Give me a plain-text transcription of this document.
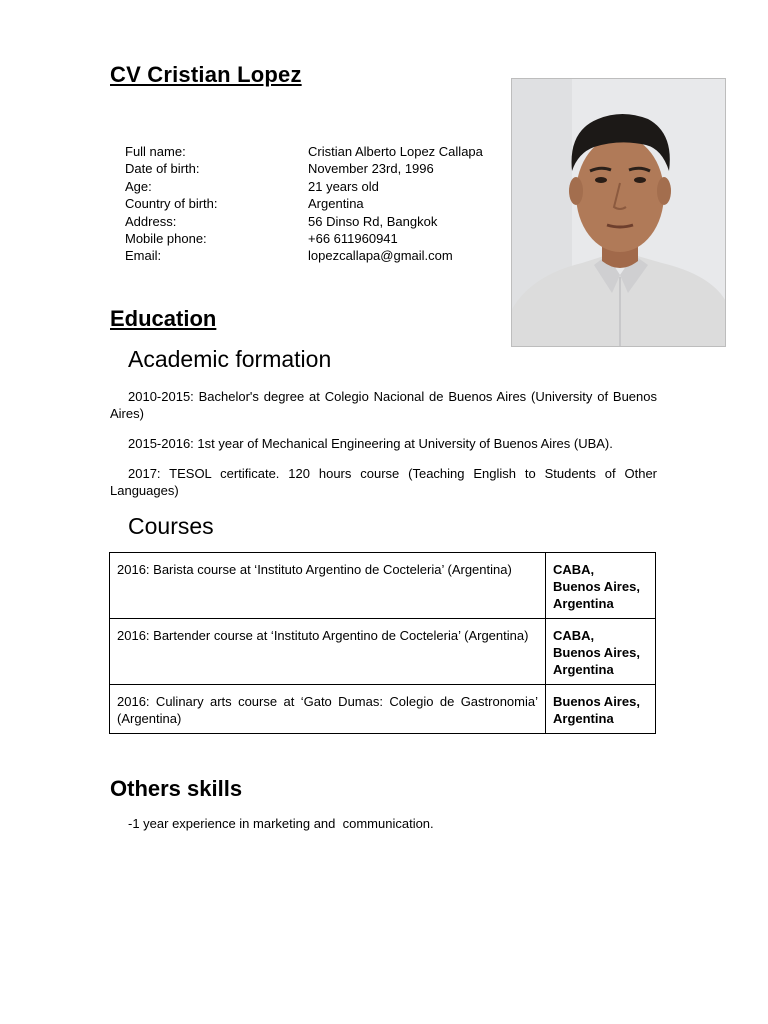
CV Cristian Lopez
Full name:	Cristian Alberto Lopez Callapa
Date of birth:	November 23rd, 1996
Age:	21 years old
Country of birth:	Argentina
Address:	56 Dinso Rd, Bangkok
Mobile phone:	+66 611960941
Email:	lopezcallapa@gmail.com
Education
Academic formation

2010-2015: Bachelor's degree at Colegio Nacional de Buenos Aires (University of Buenos Aires)

2015-2016: 1st year of Mechanical Engineering at University of Buenos Aires (UBA).

2017: TESOL certificate. 120 hours course (Teaching English to Students of Other Languages)

Courses
2016: Barista course at ‘Instituto Argentino de Cocteleria’ (Argentina)	CABA,
Buenos Aires,
Argentina

2016: Bartender course at ‘Instituto Argentino de Cocteleria’ (Argentina)	CABA,
Buenos Aires,
Argentina

2016: Culinary arts course at ‘Gato Dumas: Colegio de Gastronomia’ (Argentina)	Buenos Aires,
Argentina
Others skills

-1 year experience in marketing and  communication.
